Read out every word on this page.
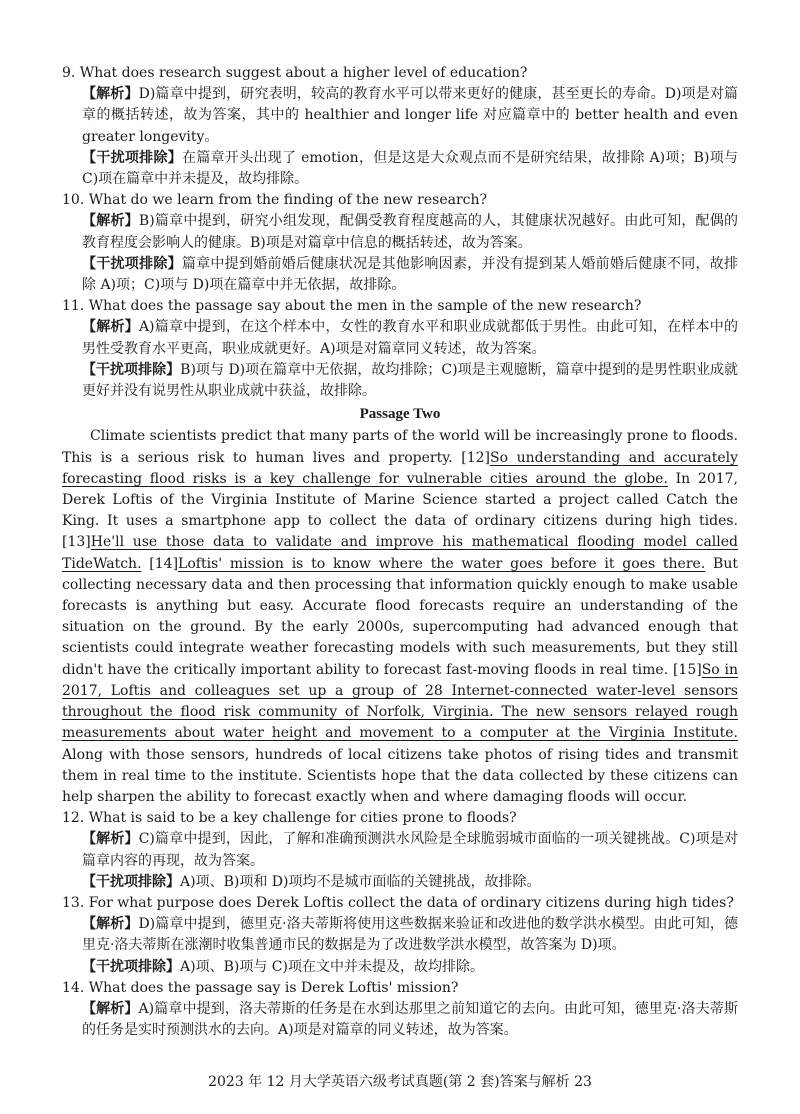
9. What does research suggest about a higher level of education?

【解析】D)篇章中提到，研究表明，较高的教育水平可以带来更好的健康，甚至更长的寿命。D)项是对篇章的概括转述，故为答案，其中的 healthier and longer life 对应篇章中的 better health and even greater longevity。

【干扰项排除】在篇章开头出现了 emotion，但是这是大众观点而不是研究结果，故排除 A)项；B)项与 C)项在篇章中并未提及，故均排除。

10. What do we learn from the finding of the new research?

【解析】B)篇章中提到，研究小组发现，配偶受教育程度越高的人，其健康状况越好。由此可知，配偶的教育程度会影响人的健康。B)项是对篇章中信息的概括转述，故为答案。

【干扰项排除】篇章中提到婚前婚后健康状况是其他影响因素，并没有提到某人婚前婚后健康不同，故排除 A)项；C)项与 D)项在篇章中并无依据，故排除。

11. What does the passage say about the men in the sample of the new research?

【解析】A)篇章中提到，在这个样本中，女性的教育水平和职业成就都低于男性。由此可知，在样本中的男性受教育水平更高，职业成就更好。A)项是对篇章同义转述，故为答案。

【干扰项排除】B)项与 D)项在篇章中无依据，故均排除；C)项是主观臆断，篇章中提到的是男性职业成就更好并没有说男性从职业成就中获益，故排除。

Passage Two

Climate scientists predict that many parts of the world will be increasingly prone to floods. This is a serious risk to human lives and property. [12]So understanding and accurately forecasting flood risks is a key challenge for vulnerable cities around the globe. In 2017, Derek Loftis of the Virginia Institute of Marine Science started a project called Catch the King. It uses a smartphone app to collect the data of ordinary citizens during high tides. [13]He'll use those data to validate and improve his mathematical flooding model called TideWatch. [14]Loftis' mission is to know where the water goes before it goes there. But collecting necessary data and then processing that information quickly enough to make usable forecasts is anything but easy. Accurate flood forecasts require an understanding of the situation on the ground. By the early 2000s, supercomputing had advanced enough that scientists could integrate weather forecasting models with such measurements, but they still didn't have the critically important ability to forecast fast-moving floods in real time. [15]So in 2017, Loftis and colleagues set up a group of 28 Internet-connected water-level sensors throughout the flood risk community of Norfolk, Virginia. The new sensors relayed rough measurements about water height and movement to a computer at the Virginia Institute. Along with those sensors, hundreds of local citizens take photos of rising tides and transmit them in real time to the institute. Scientists hope that the data collected by these citizens can help sharpen the ability to forecast exactly when and where damaging floods will occur.

12. What is said to be a key challenge for cities prone to floods?

【解析】C)篇章中提到，因此，了解和准确预测洪水风险是全球脆弱城市面临的一项关键挑战。C)项是对篇章内容的再现，故为答案。

【干扰项排除】A)项、B)项和 D)项均不是城市面临的关键挑战，故排除。

13. For what purpose does Derek Loftis collect the data of ordinary citizens during high tides?

【解析】D)篇章中提到，德里克·洛夫蒂斯将使用这些数据来验证和改进他的数学洪水模型。由此可知，德里克·洛夫蒂斯在涨潮时收集普通市民的数据是为了改进数学洪水模型，故答案为 D)项。

【干扰项排除】A)项、B)项与 C)项在文中并未提及，故均排除。

14. What does the passage say is Derek Loftis' mission?

【解析】A)篇章中提到，洛夫蒂斯的任务是在水到达那里之前知道它的去向。由此可知，德里克·洛夫蒂斯的任务是实时预测洪水的去向。A)项是对篇章的同义转述，故为答案。

2023 年 12 月大学英语六级考试真题(第 2 套)答案与解析 23
